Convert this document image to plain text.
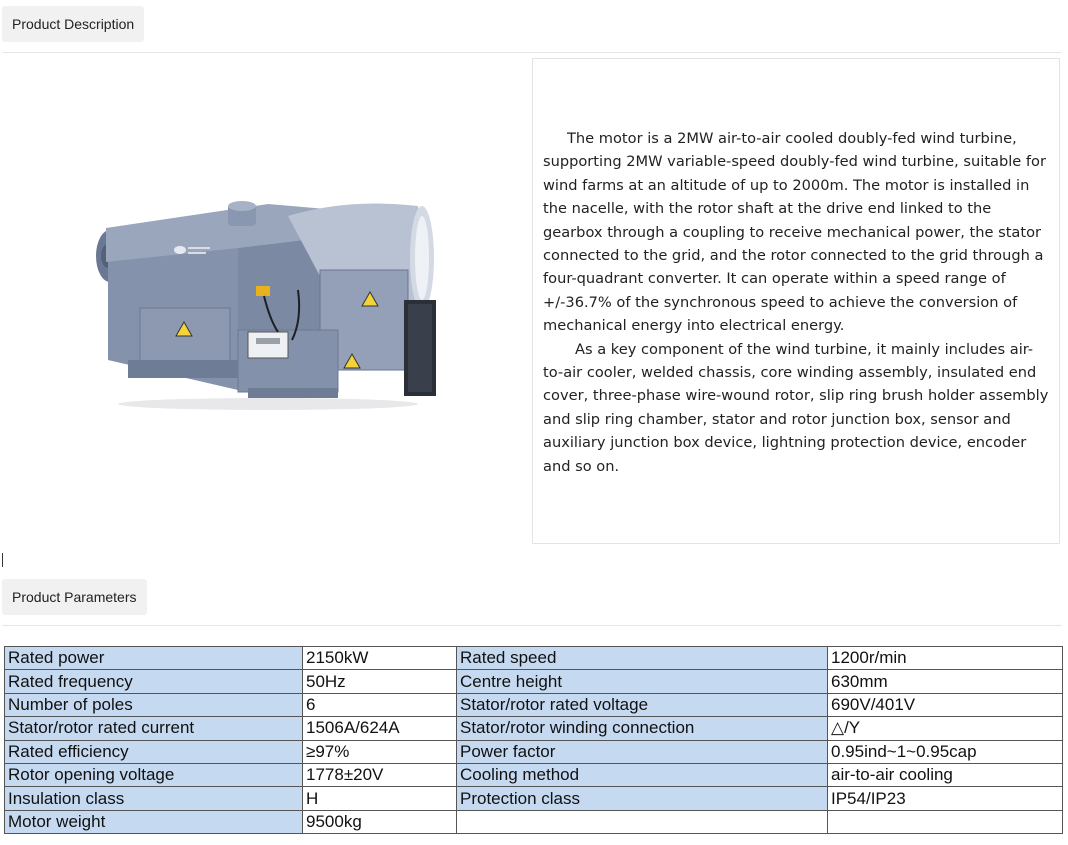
Product Description

The motor is a 2MW air-to-air cooled doubly-fed wind turbine, supporting 2MW variable-speed doubly-fed wind turbine, suitable for wind farms at an altitude of up to 2000m. The motor is installed in the nacelle, with the rotor shaft at the drive end linked to the gearbox through a coupling to receive mechanical power, the stator connected to the grid, and the rotor connected to the grid through a four-quadrant converter. It can operate within a speed range of +/-36.7% of the synchronous speed to achieve the conversion of mechanical energy into electrical energy.

As a key component of the wind turbine, it mainly includes air-to-air cooler, welded chassis, core winding assembly, insulated end cover, three-phase wire-wound rotor, slip ring brush holder assembly and slip ring chamber, stator and rotor junction box, sensor and auxiliary junction box device, lightning protection device, encoder and so on.

Product Parameters
Rated power	2150kW	Rated speed	1200r/min
Rated frequency	50Hz	Centre height	630mm
Number of poles	6	Stator/rotor rated voltage	690V/401V
Stator/rotor rated current	1506A/624A	Stator/rotor winding connection	△/Y
Rated efficiency	≥97%	Power factor	0.95ind~1~0.95cap
Rotor opening voltage	1778±20V	Cooling method	air-to-air cooling
Insulation class	H	Protection class	IP54/IP23
Motor weight	9500kg		
